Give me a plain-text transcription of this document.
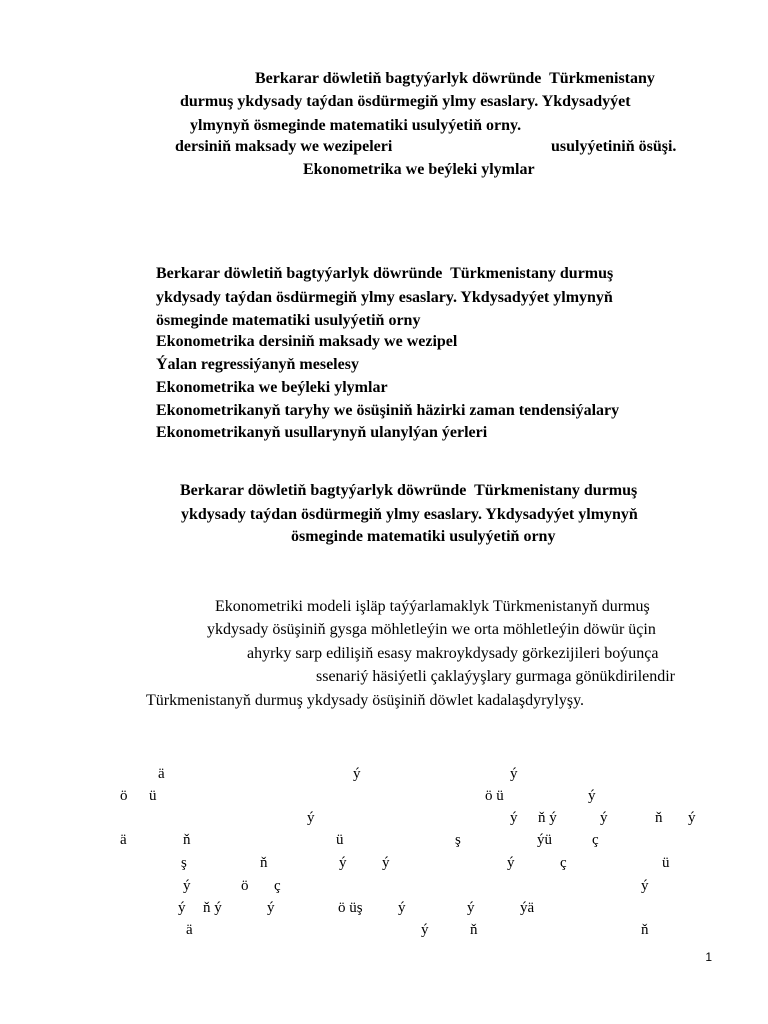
Berkarar döwletiň bagtyýarlyk döwründe  Türkmenistany
durmuş ykdysady taýdan ösdürmegiň ylmy esaslary. Ykdysadyýet
ylmynyň ösmeginde matematiki usulyýetiň orny.
dersiniň maksady we wezipeleri	usulyýetiniň ösüşi.
Ekonometrika we beýleki ylymlar
Berkarar döwletiň bagtyýarlyk döwründe  Türkmenistany durmuş
ykdysady taýdan ösdürmegiň ylmy esaslary. Ykdysadyýet ylmynyň
ösmeginde matematiki usulyýetiň orny
Ekonometrika dersiniň maksady we wezipel
Ýalan regressiýanyň meselesy
Ekonometrika we beýleki ylymlar
Ekonometrikanyň taryhy we ösüşiniň häzirki zaman tendensiýalary
Ekonometrikanyň usullarynyň ulanylýan ýerleri
Berkarar döwletiň bagtyýarlyk döwründe  Türkmenistany durmuş
ykdysady taýdan ösdürmegiň ylmy esaslary. Ykdysadyýet ylmynyň
ösmeginde matematiki usulyýetiň orny
Ekonometriki modeli işläp taýýarlamaklyk Türkmenistanyň durmuş
ykdysady ösüşiniň gysga möhletleýin we orta möhletleýin döwür üçin
ahyrky sarp edilişiň esasy makroykdysady görkezijileri boýunça
ssenariý häsiýetli çaklaýyşlary gurmaga gönükdirilendir
Türkmenistanyň durmuş ykdysady ösüşiniň döwlet kadalaşdyrylyşy.
ä	ý	ý
ö ü	ö ü	ý
ý	ý ň ý	ý	ň ý
ä	ň	ü	ş	ýü	ç
ş	ň	ý ý	ý	ç	ü
ý	ö ç	ý
ý ň ý	ý	ö üş ý	ý	ýä
ä	ý	ň	ň
1
